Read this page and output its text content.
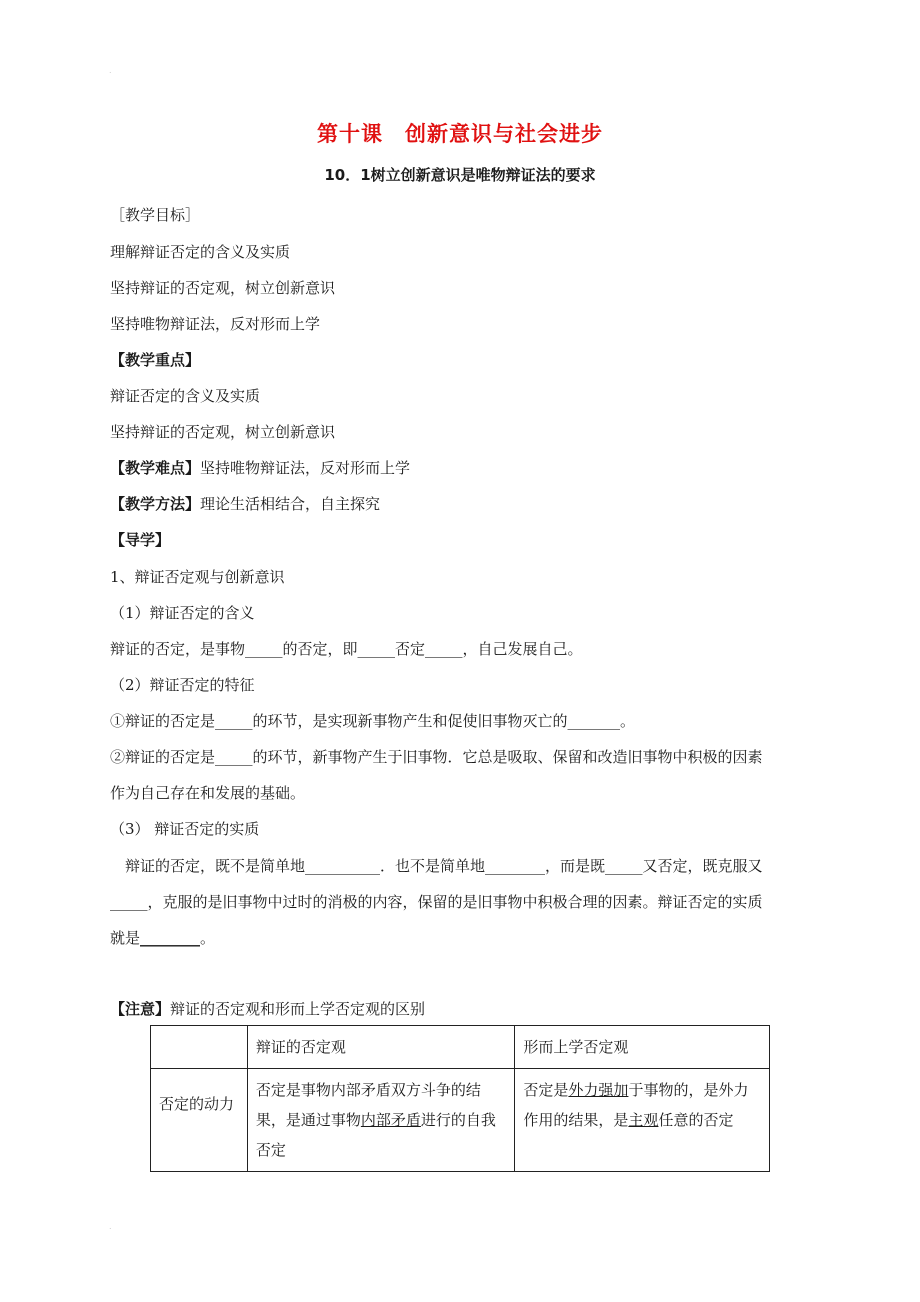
.
.
第十课　创新意识与社会进步
10．1树立创新意识是唯物辩证法的要求
［教学目标］
理解辩证否定的含义及实质
坚持辩证的否定观，树立创新意识
坚持唯物辩证法，反对形而上学
【教学重点】
辩证否定的含义及实质
坚持辩证的否定观，树立创新意识
【教学难点】坚持唯物辩证法，反对形而上学
【教学方法】理论生活相结合，自主探究
【导学】
1、辩证否定观与创新意识
（1）辩证否定的含义
辩证的否定，是事物_____的否定，即_____否定_____，自己发展自己。
（2）辩证否定的特征
①辩证的否定是_____的环节，是实现新事物产生和促使旧事物灭亡的_______。
②辩证的否定是_____的环节，新事物产生于旧事物．它总是吸取、保留和改造旧事物中积极的因素
作为自己存在和发展的基础。
（3） 辩证否定的实质
辩证的否定，既不是简单地__________．也不是简单地________，而是既_____又否定，既克服又
_____，克服的是旧事物中过时的消极的内容，保留的是旧事物中积极合理的因素。辩证否定的实质
就是________。
【注意】辩证的否定观和形而上学否定观的区别
	辩证的否定观	形而上学否定观
否定的动力	否定是事物内部矛盾双方斗争的结果，是通过事物内部矛盾进行的自我否定	否定是外力强加于事物的，是外力作用的结果，是主观任意的否定
